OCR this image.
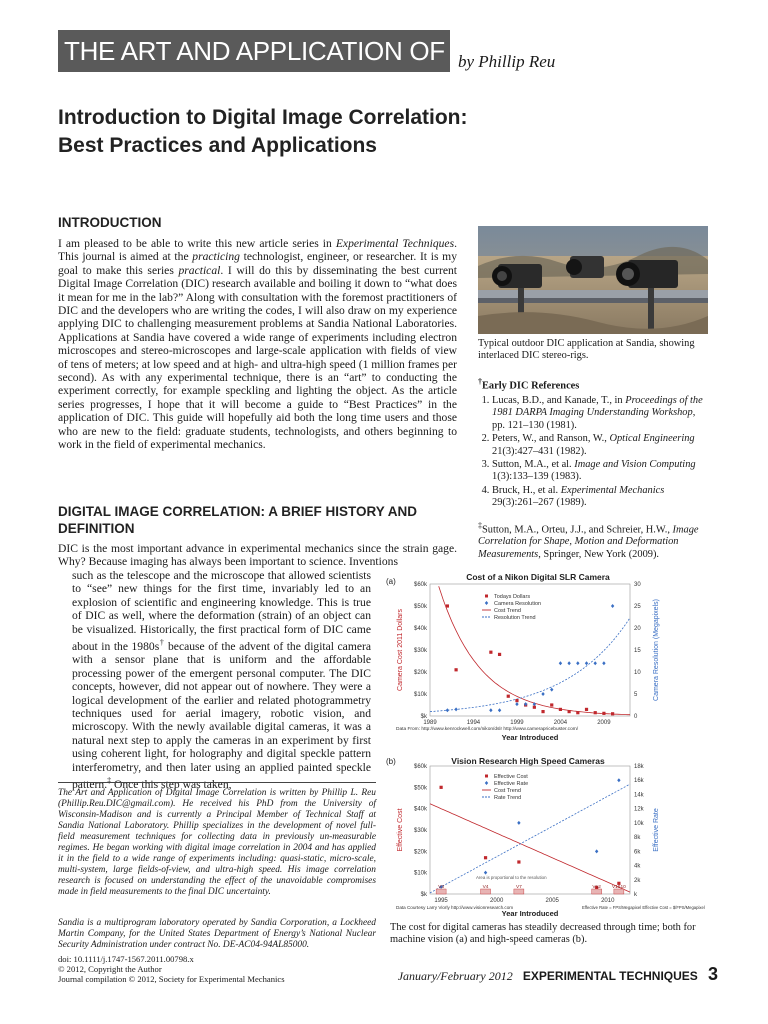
THE ART AND APPLICATION OF DIC
by Phillip Reu
Introduction to Digital Image Correlation: Best Practices and Applications
INTRODUCTION

I am pleased to be able to write this new article series in Experimental Techniques. This journal is aimed at the practicing technologist, engineer, or researcher. It is my goal to make this series practical. I will do this by disseminating the best current Digital Image Correlation (DIC) research available and boiling it down to “what does it mean for me in the lab?” Along with consultation with the foremost practitioners of DIC and the developers who are writing the codes, I will also draw on my experience applying DIC to challenging measurement problems at Sandia National Laboratories. Applications at Sandia have covered a wide range of experiments including electron microscopes and stereo-microscopes and large-scale application with fields of view of tens of meters; at low speed and at high- and ultra-high speed (1 million frames per second). As with any experimental technique, there is an “art” to conducting the experiment correctly, for example speckling and lighting the object. As the article series progresses, I hope that it will become a guide to “Best Practices” in the application of DIC. This guide will hopefully aid both the long time users and those who are new to the field: graduate students, technologists, and others beginning to work in the field of experimental mechanics.

DIGITAL IMAGE CORRELATION: A BRIEF HISTORY AND DEFINITION
DIC is the most important advance in experimental mechanics since the strain gage. Why? Because imaging has always been important to science. Inventions

such as the telescope and the microscope that allowed scientists to “see” new things for the first time, invariably led to an explosion of scientific and engineering knowledge. This is true of DIC as well, where the deformation (strain) of an object can be visualized. Historically, the first practical form of DIC came about in the 1980s† because of the advent of the digital camera with a sensor plane that is uniform and the affordable processing power of the emergent personal computer. The DIC concepts, however, did not appear out of nowhere. They were a logical development of the earlier and related photogrammetry techniques used for aerial imagery, robotic vision, and microscopy. With the newly available digital cameras, it was a natural next step to apply the cameras in an experiment by first using coherent light, for holography and digital speckle pattern interferometry, and then later using an applied painted speckle pattern.‡ Once this step was taken,

The Art and Application of Digital Image Correlation is written by Phillip L. Reu (Phillip.Reu.DIC@gmail.com). He received his PhD from the University of Wisconsin-Madison and is currently a Principal Member of Technical Staff at Sandia National Laboratory. Phillip specializes in the development of novel full-field measurement techniques for collecting data in previously un-measurable regimes. He began working with digital image correlation in 2004 and has applied it in the field to a wide range of experiments including: quasi-static, micro-scale, multi-system, large fields-of-view, and ultra-high speed. His image correlation research is focused on understanding the effect of the unavoidable compromises made in field measurements to the final DIC uncertainty.
Sandia is a multiprogram laboratory operated by Sandia Corporation, a Lockheed Martin Company, for the United States Department of Energy’s National Nuclear Security Administration under contract No. DE-AC04-94AL85000.
doi: 10.1111/j.1747-1567.2011.00798.x
© 2012, Copyright the Author
Journal compilation © 2012, Society for Experimental Mechanics
Typical outdoor DIC application at Sandia, showing interlaced DIC stereo-rigs.
†Early DIC References
1. Lucas, B.D., and Kanade, T., in Proceedings of the 1981 DARPA Imaging Understanding Workshop, pp. 121–130 (1981).
2. Peters, W., and Ranson, W., Optical Engineering 21(3):427–431 (1982).
3. Sutton, M.A., et al. Image and Vision Computing 1(3):133–139 (1983).
4. Bruck, H., et al. Experimental Mechanics 29(3):261–267 (1989).
‡Sutton, M.A., Orteu, J.J., and Schreier, H.W., Image Correlation for Shape, Motion and Deformation Measurements, Springer, New York (2009).
(a)	Cost of a Nikon Digital SLR Camera
Camera Cost 2011 Dollars	Camera Resolution (Megapixels)
Year Introduced
Data From: http://www.kenrockwell.com/nikon/dslr http://www.camerapricebuster.com/
$k
$10k
$20k
$30k
$40k
$50k
$60k
0
5
10
15
20
25
30
1989	1994	1999	2004	2009
Todays Dollars
Camera Resolution
Cost Trend
Resolution Trend
(b)	Vision Research High Speed Cameras
Effective Cost	Effective Rate
Year Introduced
Area is proportional to the resolution
Data Courtesy Larry Viorly http://www.visionresearch.com	Effective Rate = FPS/Megapixel Effective Cost = $/FPS/Megapixel
$k
$10k
$20k
$30k
$40k
$50k
$60k
k
2k
4k
6k
8k
10k
12k
14k
16k
18k
1995	2000	2005	2010
V3	V4	V7	V12 V1610
Effective Cost
Effective Rate
Cost Trend
Rate Trend
The cost for digital cameras has steadily decreased through time; both for machine vision (a) and high-speed cameras (b).
January/February 2012 EXPERIMENTAL TECHNIQUES 3
